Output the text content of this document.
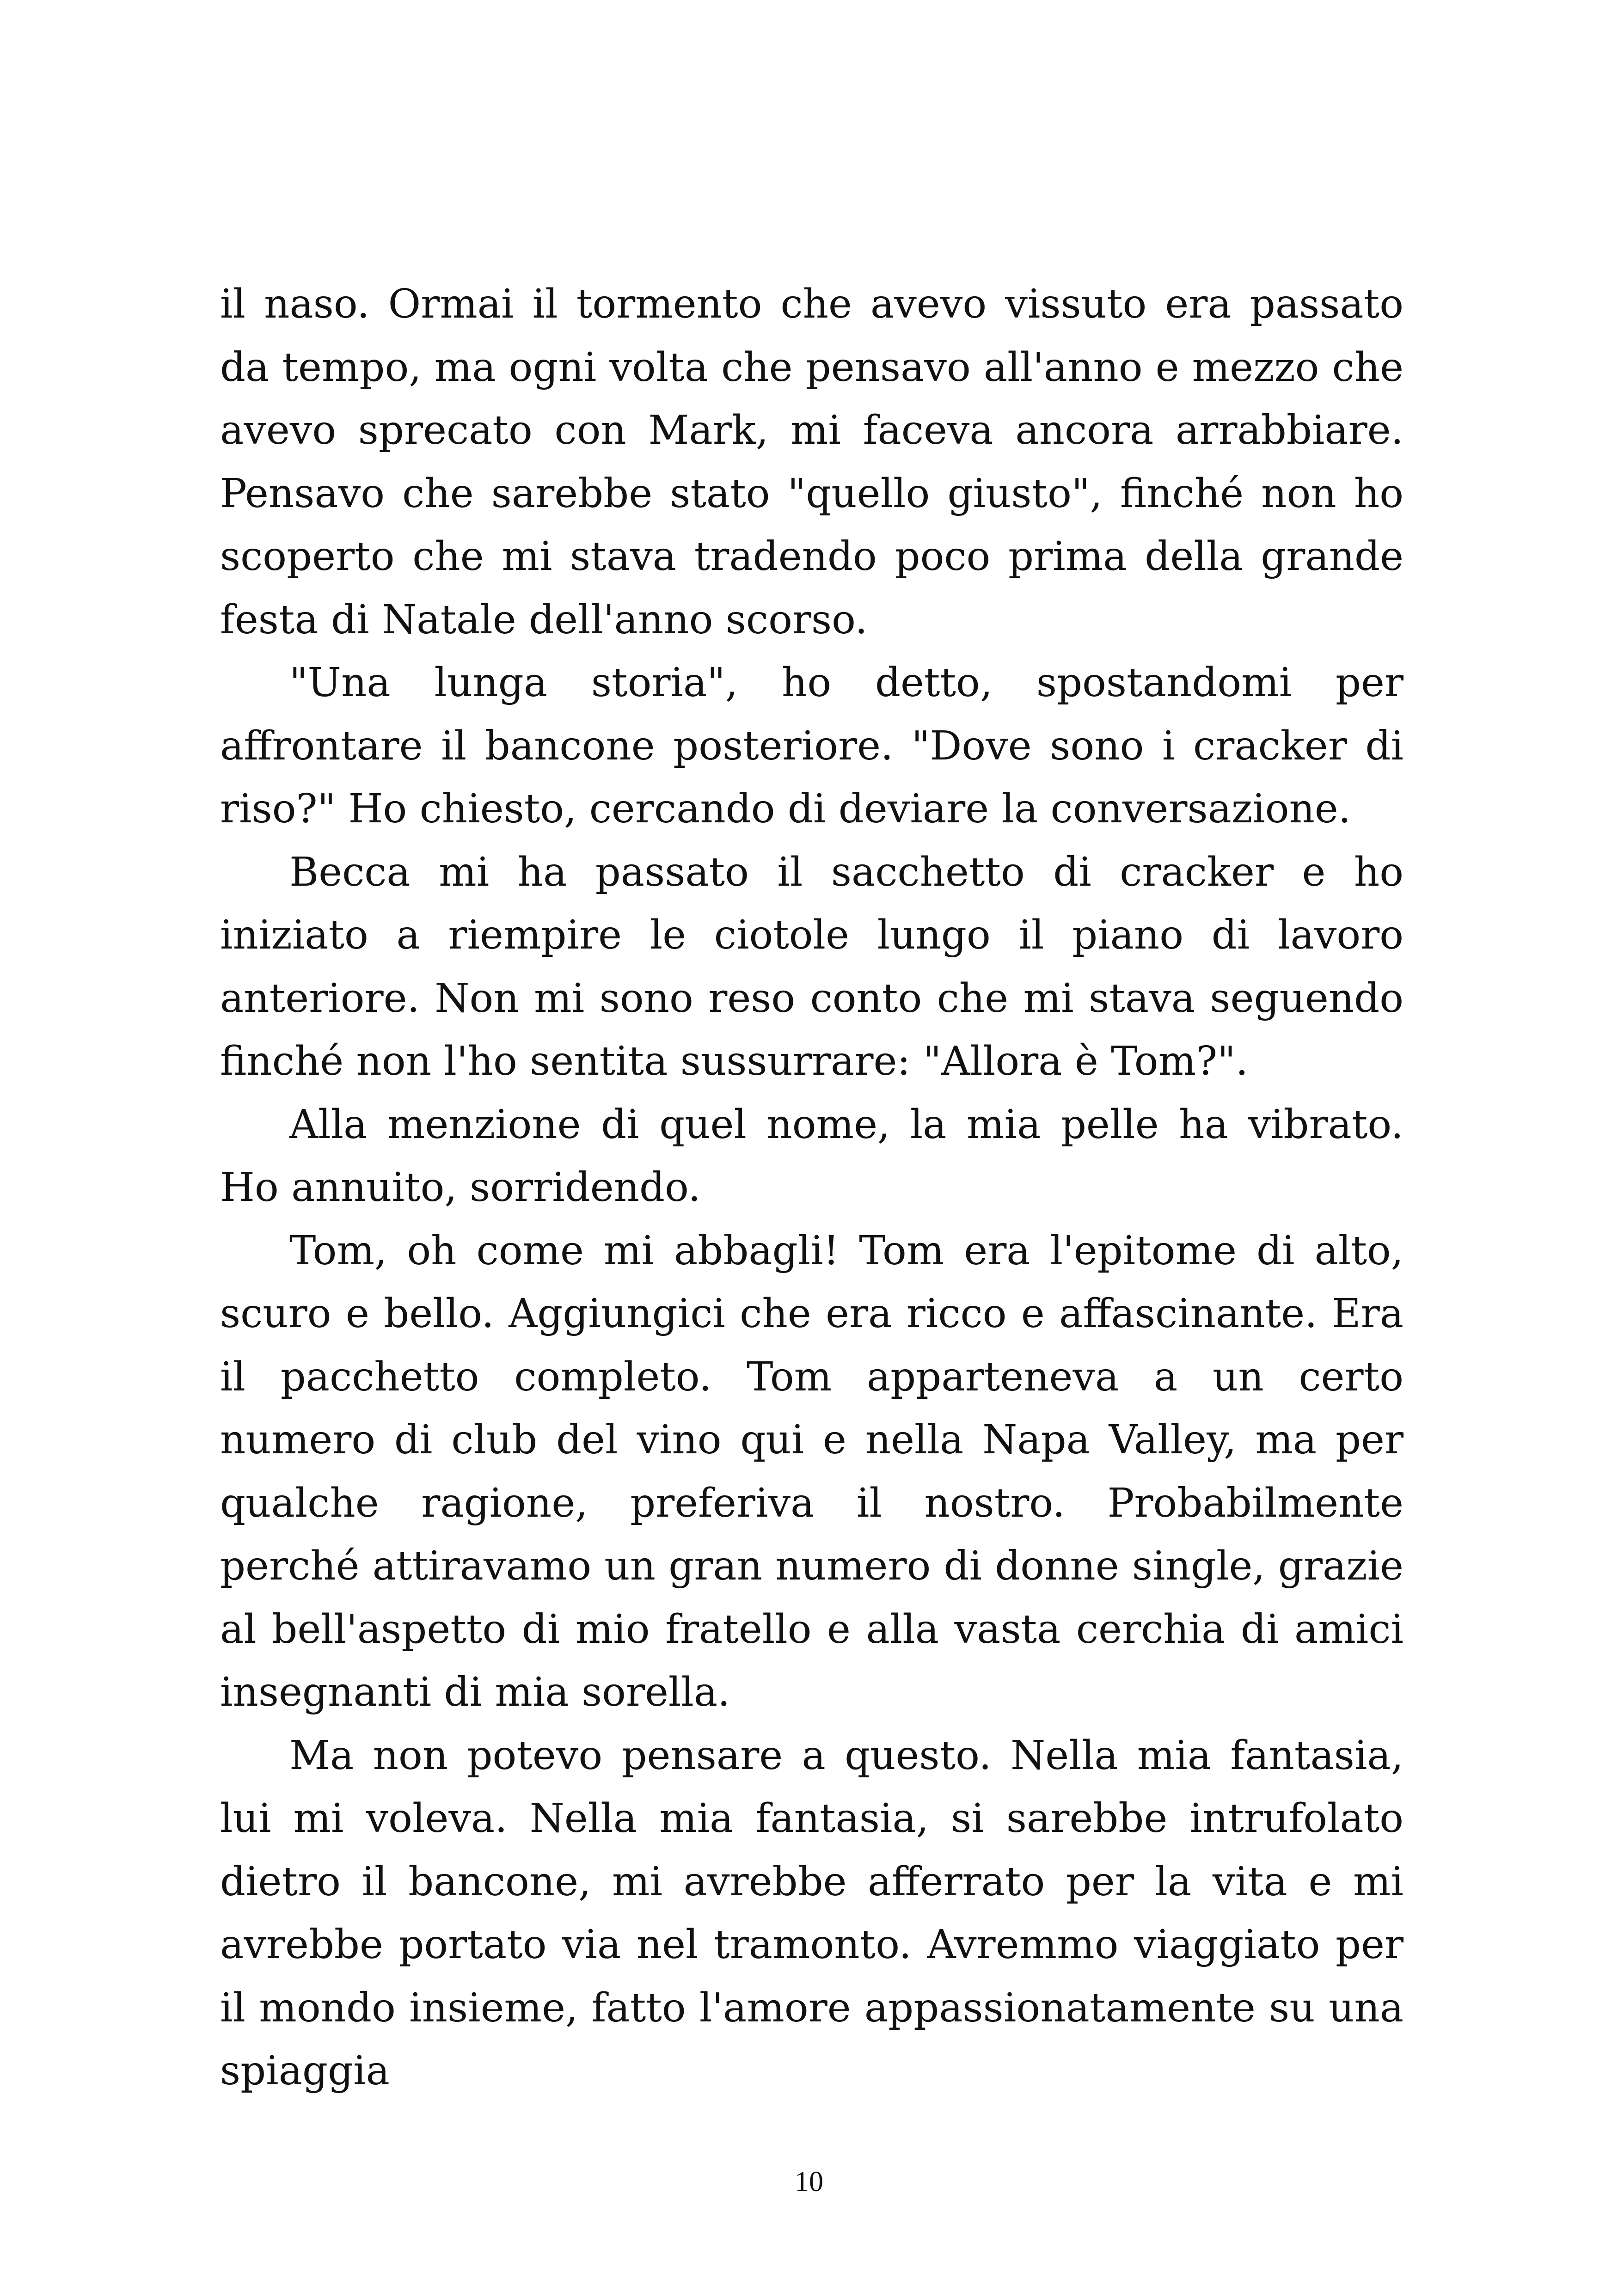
il naso. Ormai il tormento che avevo vissuto era passato da tempo, ma ogni volta che pensavo all'anno e mezzo che avevo sprecato con Mark, mi faceva ancora arrabbiare. Pensavo che sarebbe stato "quello giusto", finché non ho scoperto che mi stava tradendo poco prima della grande festa di Natale dell'anno scorso.

"Una lunga storia", ho detto, spostandomi per affrontare il bancone posteriore. "Dove sono i cracker di riso?" Ho chiesto, cercando di deviare la conversazione.

Becca mi ha passato il sacchetto di cracker e ho iniziato a riempire le ciotole lungo il piano di lavoro anteriore. Non mi sono reso conto che mi stava seguendo finché non l'ho sentita sussurrare: "Allora è Tom?".

Alla menzione di quel nome, la mia pelle ha vibrato. Ho annuito, sorridendo.

Tom, oh come mi abbagli! Tom era l'epitome di alto, scuro e bello. Aggiungici che era ricco e affascinante. Era il pacchetto completo. Tom apparteneva a un certo numero di club del vino qui e nella Napa Valley, ma per qualche ragione, preferiva il nostro. Probabilmente perché attiravamo un gran numero di donne single, grazie al bell'aspetto di mio fratello e alla vasta cerchia di amici insegnanti di mia sorella.

Ma non potevo pensare a questo. Nella mia fantasia, lui mi voleva. Nella mia fantasia, si sarebbe intrufolato dietro il bancone, mi avrebbe afferrato per la vita e mi avrebbe portato via nel tramonto. Avremmo viaggiato per il mondo insieme, fatto l'amore appassionatamente su una spiaggia

10
